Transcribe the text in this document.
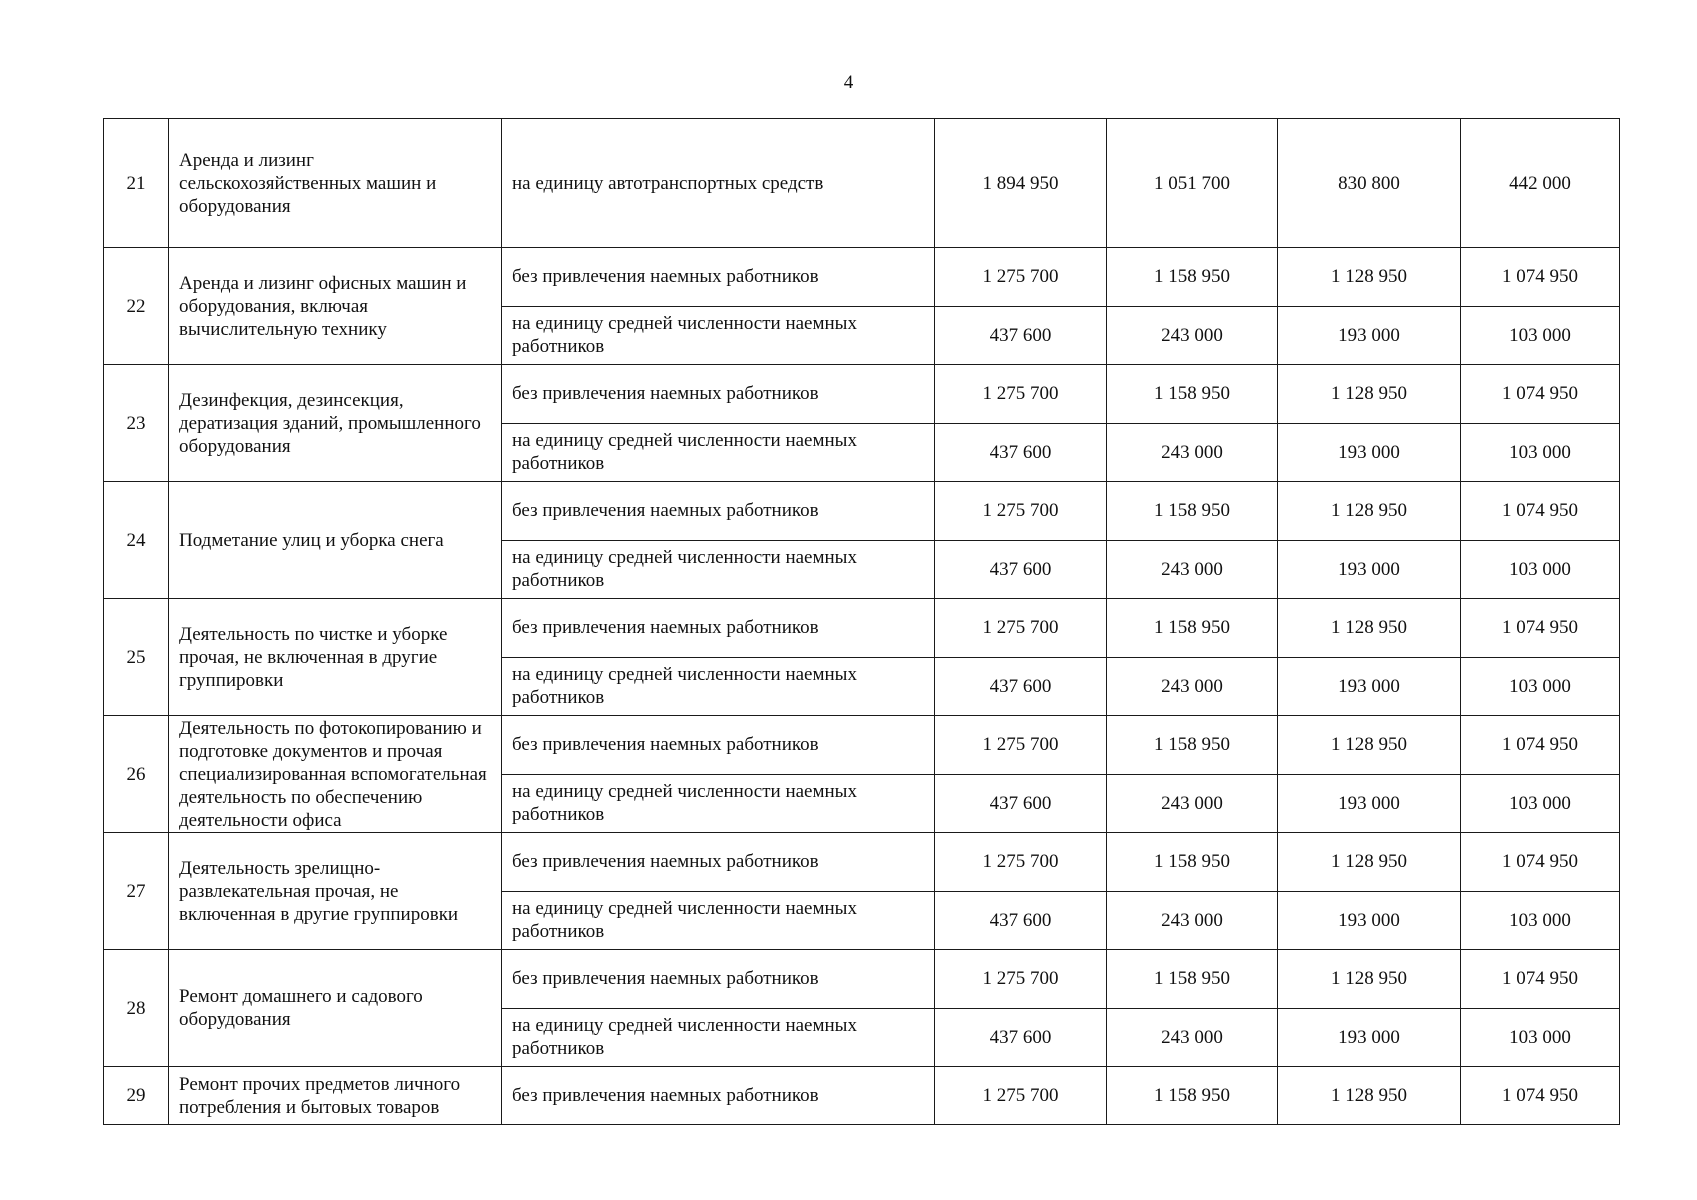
4
21	Аренда и лизинг сельскохозяйственных машин и оборудования	на единицу автотранспортных средств	1 894 950	1 051 700	830 800	442 000
22	Аренда и лизинг офисных машин и оборудования, включая вычислительную технику	без привлечения наемных работников	1 275 700	1 158 950	1 128 950	1 074 950
		на единицу средней численности наемных работников	437 600	243 000	193 000	103 000
23	Дезинфекция, дезинсекция, дератизация зданий, промышленного оборудования	без привлечения наемных работников	1 275 700	1 158 950	1 128 950	1 074 950
		на единицу средней численности наемных работников	437 600	243 000	193 000	103 000
24	Подметание улиц и уборка снега	без привлечения наемных работников	1 275 700	1 158 950	1 128 950	1 074 950
		на единицу средней численности наемных работников	437 600	243 000	193 000	103 000
25	Деятельность по чистке и уборке прочая, не включенная в другие группировки	без привлечения наемных работников	1 275 700	1 158 950	1 128 950	1 074 950
		на единицу средней численности наемных работников	437 600	243 000	193 000	103 000
26	Деятельность по фотокопированию и подготовке документов и прочая специализированная вспомогательная деятельность по обеспечению деятельности офиса	без привлечения наемных работников	1 275 700	1 158 950	1 128 950	1 074 950
		на единицу средней численности наемных работников	437 600	243 000	193 000	103 000
27	Деятельность зрелищно-развлекательная прочая, не включенная в другие группировки	без привлечения наемных работников	1 275 700	1 158 950	1 128 950	1 074 950
		на единицу средней численности наемных работников	437 600	243 000	193 000	103 000
28	Ремонт домашнего и садового оборудования	без привлечения наемных работников	1 275 700	1 158 950	1 128 950	1 074 950
		на единицу средней численности наемных работников	437 600	243 000	193 000	103 000
29	Ремонт прочих предметов личного потребления и бытовых товаров	без привлечения наемных работников	1 275 700	1 158 950	1 128 950	1 074 950
